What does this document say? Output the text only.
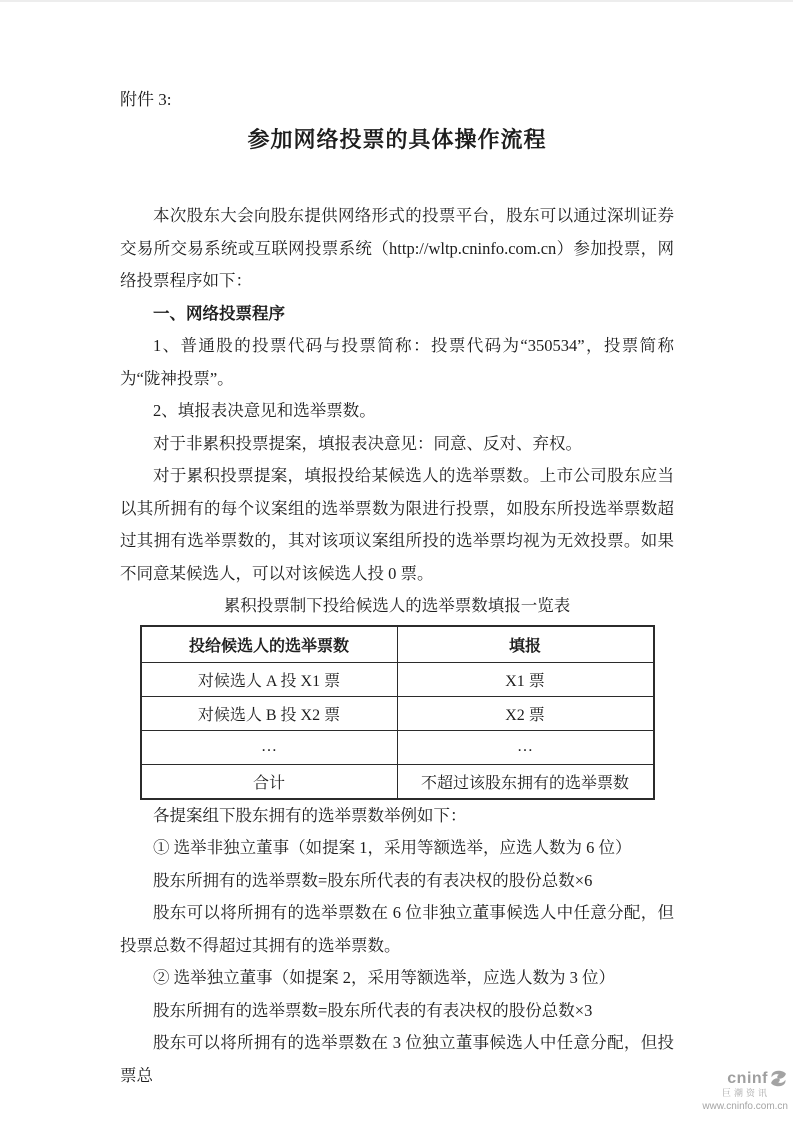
附件 3:
参加网络投票的具体操作流程

本次股东大会向股东提供网络形式的投票平台，股东可以通过深圳证券交易所交易系统或互联网投票系统（http://wltp.cninfo.com.cn）参加投票，网络投票程序如下：

一、网络投票程序

1、普通股的投票代码与投票简称：投票代码为“350534”，投票简称为“陇神投票”。

2、填报表决意见和选举票数。

对于非累积投票提案，填报表决意见：同意、反对、弃权。

对于累积投票提案，填报投给某候选人的选举票数。上市公司股东应当以其所拥有的每个议案组的选举票数为限进行投票，如股东所投选举票数超过其拥有选举票数的，其对该项议案组所投的选举票均视为无效投票。如果不同意某候选人，可以对该候选人投 0 票。

累积投票制下投给候选人的选举票数填报一览表
投给候选人的选举票数	填报
对候选人 A 投 X1 票	X1 票
对候选人 B 投 X2 票	X2 票
…	…
合计	不超过该股东拥有的选举票数

各提案组下股东拥有的选举票数举例如下：

① 选举非独立董事（如提案 1，采用等额选举，应选人数为 6 位）

股东所拥有的选举票数=股东所代表的有表决权的股份总数×6

股东可以将所拥有的选举票数在 6 位非独立董事候选人中任意分配，但投票总数不得超过其拥有的选举票数。

② 选举独立董事（如提案 2，采用等额选举，应选人数为 3 位）

股东所拥有的选举票数=股东所代表的有表决权的股份总数×3

股东可以将所拥有的选举票数在 3 位独立董事候选人中任意分配，但投票总	cninf
巨潮资讯
www.cninfo.com.cn
